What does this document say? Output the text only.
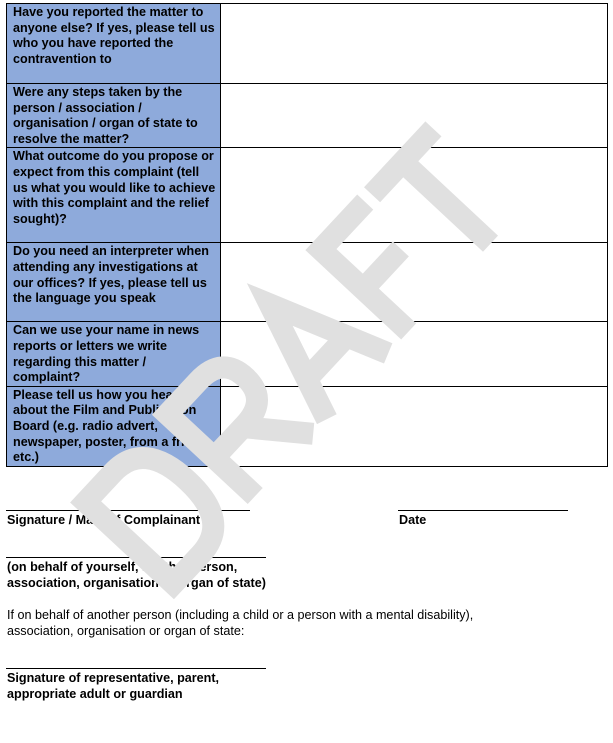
Have you reported the matter to anyone else? If yes, please tell us who you have reported the contravention to	
Were any steps taken by the person / association / organisation / organ of state to resolve the matter?	
What outcome do you propose or expect from this complaint (tell us what you would like to achieve with this complaint and the relief sought)?	
Do you need an interpreter when attending any investigations at our offices? If yes, please tell us the language you speak	
Can we use your name in news reports or letters we write regarding this matter / complaint?	
Please tell us how you heard about the Film and Publication Board (e.g. radio advert, newspaper, poster, from a friend, etc.)	
Signature / Mark of Complainant	Date
(on behalf of yourself, another person,
association, organisation or organ of state)
If on behalf of another person (including a child or a person with a mental disability),
association, organisation or organ of state:
Signature of representative, parent,
appropriate adult or guardian
